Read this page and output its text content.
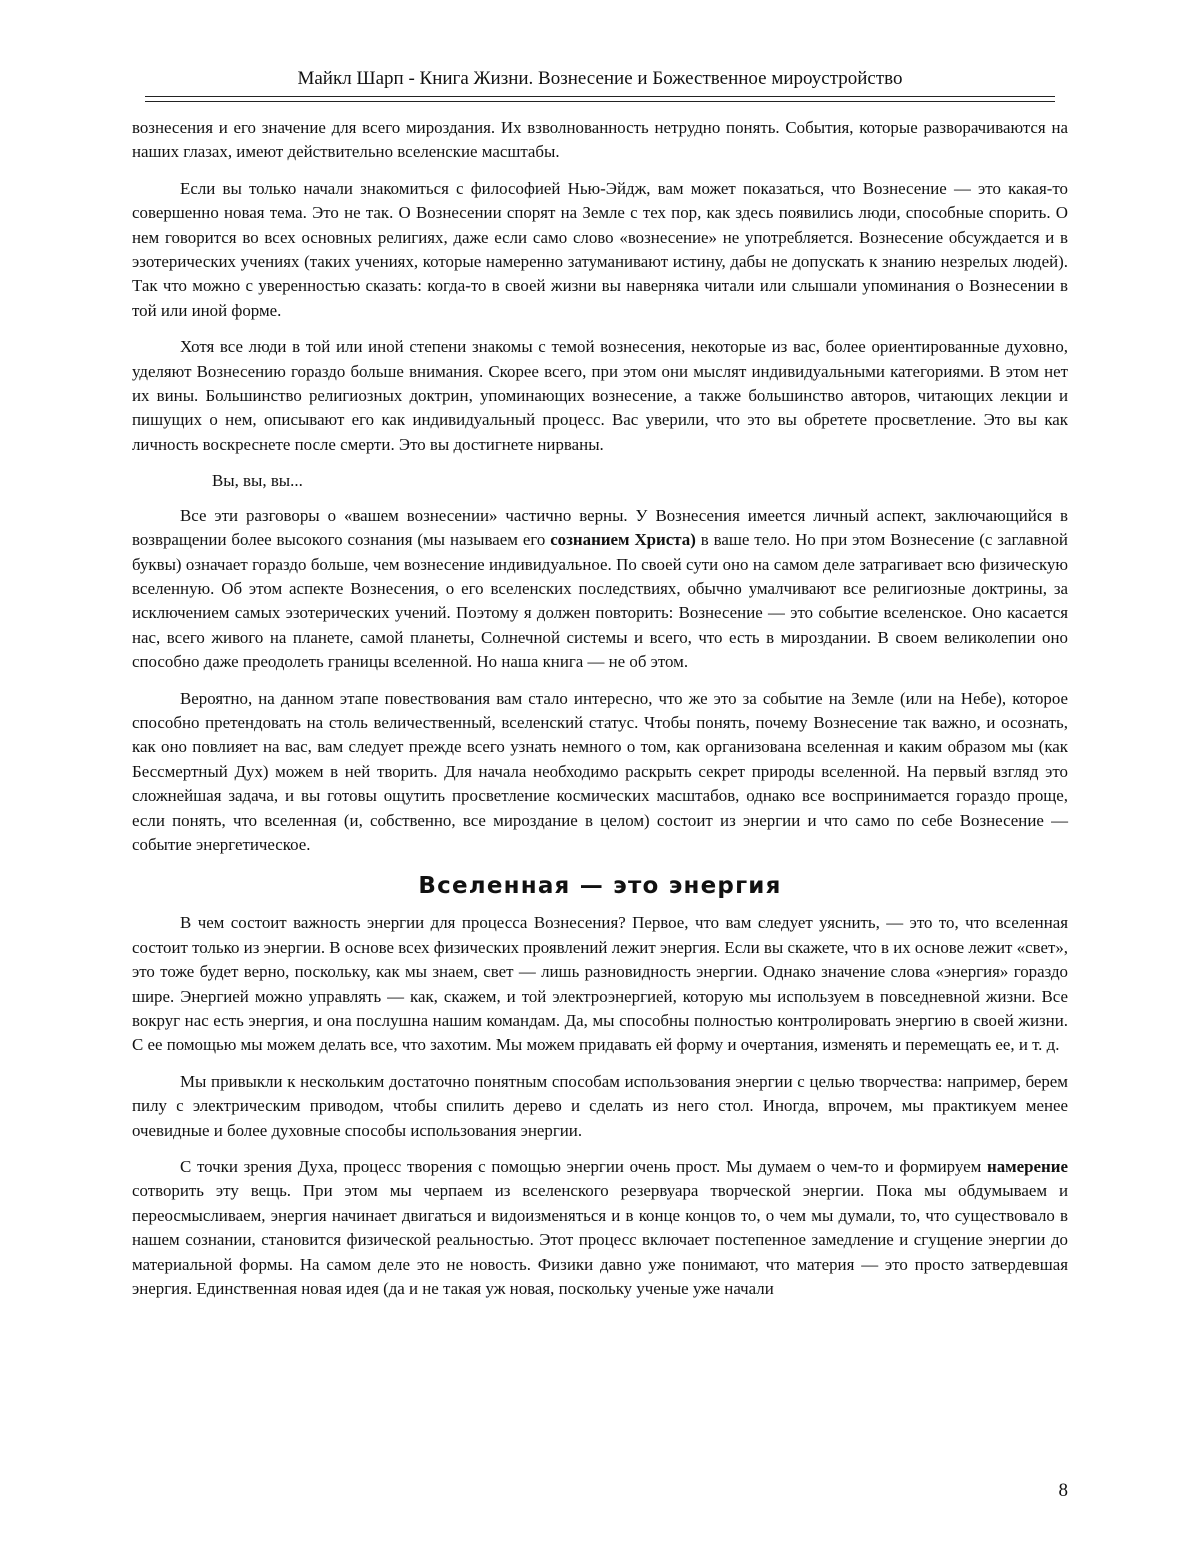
Майкл Шарп - Книга Жизни. Вознесение и Божественное мироустройство

вознесения и его значение для всего мироздания. Их взволнованность нетрудно понять. События, которые разворачиваются на наших глазах, имеют действительно вселенские масштабы.

Если вы только начали знакомиться с философией Нью-Эйдж, вам может показаться, что Вознесение — это какая-то совершенно новая тема. Это не так. О Вознесении спорят на Земле с тех пор, как здесь появились люди, способные спорить. О нем говорится во всех основных религиях, даже если само слово «вознесение» не употребляется. Вознесение обсуждается и в эзотерических учениях (таких учениях, которые намеренно затуманивают истину, дабы не допускать к знанию незрелых людей). Так что можно с уверенностью сказать: когда-то в своей жизни вы наверняка читали или слышали упоминания о Вознесении в той или иной форме.

Хотя все люди в той или иной степени знакомы с темой вознесения, некоторые из вас, более ориентированные духовно, уделяют Вознесению гораздо больше внимания. Скорее всего, при этом они мыслят индивидуальными категориями. В этом нет их вины. Большинство религиозных доктрин, упоминающих вознесение, а также большинство авторов, читающих лекции и пишущих о нем, описывают его как индивидуальный процесс. Вас уверили, что это вы обретете просветление. Это вы как личность воскреснете после смерти. Это вы достигнете нирваны.

Вы, вы, вы...

Все эти разговоры о «вашем вознесении» частично верны. У Вознесения имеется личный аспект, заключающийся в возвращении более высокого сознания (мы называем его сознанием Христа) в ваше тело. Но при этом Вознесение (с заглавной буквы) означает гораздо больше, чем вознесение индивидуальное. По своей сути оно на самом деле затрагивает всю физическую вселенную. Об этом аспекте Вознесения, о его вселенских последствиях, обычно умалчивают все религиозные доктрины, за исключением самых эзотерических учений. Поэтому я должен повторить: Вознесение — это событие вселенское. Оно касается нас, всего живого на планете, самой планеты, Солнечной системы и всего, что есть в мироздании. В своем великолепии оно способно даже преодолеть границы вселенной. Но наша книга — не об этом.

Вероятно, на данном этапе повествования вам стало интересно, что же это за событие на Земле (или на Небе), которое способно претендовать на столь величественный, вселенский статус. Чтобы понять, почему Вознесение так важно, и осознать, как оно повлияет на вас, вам следует прежде всего узнать немного о том, как организована вселенная и каким образом мы (как Бессмертный Дух) можем в ней творить. Для начала необходимо раскрыть секрет природы вселенной. На первый взгляд это сложнейшая задача, и вы готовы ощутить просветление космических масштабов, однако все воспринимается гораздо проще, если понять, что вселенная (и, собственно, все мироздание в целом) состоит из энергии и что само по себе Вознесение — событие энергетическое.

Вселенная — это энергия

В чем состоит важность энергии для процесса Вознесения? Первое, что вам следует уяснить, — это то, что вселенная состоит только из энергии. В основе всех физических проявлений лежит энергия. Если вы скажете, что в их основе лежит «свет», это тоже будет верно, поскольку, как мы знаем, свет — лишь разновидность энергии. Однако значение слова «энергия» гораздо шире. Энергией можно управлять — как, скажем, и той электроэнергией, которую мы используем в повседневной жизни. Все вокруг нас есть энергия, и она послушна нашим командам. Да, мы способны полностью контролировать энергию в своей жизни. С ее помощью мы можем делать все, что захотим. Мы можем придавать ей форму и очертания, изменять и перемещать ее, и т. д.

Мы привыкли к нескольким достаточно понятным способам использования энергии с целью творчества: например, берем пилу с электрическим приводом, чтобы спилить дерево и сделать из него стол. Иногда, впрочем, мы практикуем менее очевидные и более духовные способы использования энергии.

С точки зрения Духа, процесс творения с помощью энергии очень прост. Мы думаем о чем-то и формируем намерение сотворить эту вещь. При этом мы черпаем из вселенского резервуара творческой энергии. Пока мы обдумываем и переосмысливаем, энергия начинает двигаться и видоизменяться и в конце концов то, о чем мы думали, то, что существовало в нашем сознании, становится физической реальностью. Этот процесс включает постепенное замедление и сгущение энергии до материальной формы. На самом деле это не новость. Физики давно уже понимают, что материя — это просто затвердевшая энергия. Единственная новая идея (да и не такая уж новая, поскольку ученые уже начали

8
